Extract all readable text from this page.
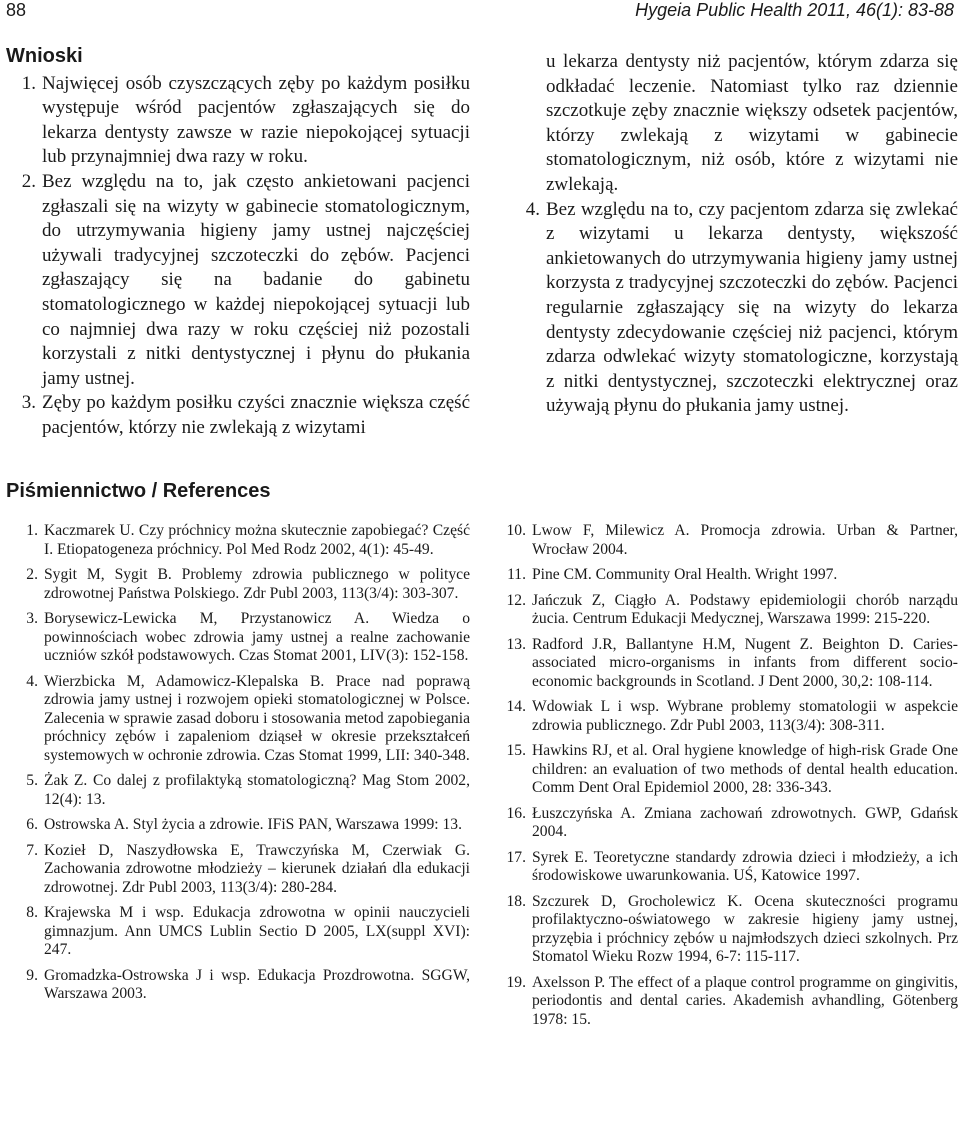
88	Hygeia Public Health 2011, 46(1): 83-88
Wnioski
1. Najwięcej osób czyszczących zęby po każdym posiłku występuje wśród pacjentów zgłaszających się do lekarza dentysty zawsze w razie niepokojącej sytuacji lub przynajmniej dwa razy w roku.
2. Bez względu na to, jak często ankietowani pacjenci zgłaszali się na wizyty w gabinecie stomatologicznym, do utrzymywania higieny jamy ustnej najczęściej używali tradycyjnej szczoteczki do zębów. Pacjenci zgłaszający się na badanie do gabinetu stomatologicznego w każdej niepokojącej sytuacji lub co najmniej dwa razy w roku częściej niż pozostali korzystali z nitki dentystycznej i płynu do płukania jamy ustnej.
3. Zęby po każdym posiłku czyści znacznie większa część pacjentów, którzy nie zwlekają z wizytami
u lekarza dentysty niż pacjentów, którym zdarza się odkładać leczenie. Natomiast tylko raz dziennie szczotkuje zęby znacznie większy odsetek pacjentów, którzy zwlekają z wizytami w gabinecie stomatologicznym, niż osób, które z wizytami nie zwlekają.
4. Bez względu na to, czy pacjentom zdarza się zwlekać z wizytami u lekarza dentysty, większość ankietowanych do utrzymywania higieny jamy ustnej korzysta z tradycyjnej szczoteczki do zębów. Pacjenci regularnie zgłaszający się na wizyty do lekarza dentysty zdecydowanie częściej niż pacjenci, którym zdarza odwlekać wizyty stomatologiczne, korzystają z nitki dentystycznej, szczoteczki elektrycznej oraz używają płynu do płukania jamy ustnej.
Piśmiennictwo / References
1. Kaczmarek U. Czy próchnicy można skutecznie zapobiegać? Część I. Etiopatogeneza próchnicy. Pol Med Rodz 2002, 4(1): 45-49.
2. Sygit M, Sygit B. Problemy zdrowia publicznego w polityce zdrowotnej Państwa Polskiego. Zdr Publ 2003, 113(3/4): 303-307.
3. Borysewicz-Lewicka M, Przystanowicz A. Wiedza o powinnościach wobec zdrowia jamy ustnej a realne zachowanie uczniów szkół podstawowych. Czas Stomat 2001, LIV(3): 152-158.
4. Wierzbicka M, Adamowicz-Klepalska B. Prace nad poprawą zdrowia jamy ustnej i rozwojem opieki stomatologicznej w Polsce. Zalecenia w sprawie zasad doboru i stosowania metod zapobiegania próchnicy zębów i zapaleniom dziąseł w okresie przekształceń systemowych w ochronie zdrowia. Czas Stomat 1999, LII: 340-348.
5. Żak Z. Co dalej z profilaktyką stomatologiczną? Mag Stom 2002, 12(4): 13.
6. Ostrowska A. Styl życia a zdrowie. IFiS PAN, Warszawa 1999: 13.
7. Kozieł D, Naszydłowska E, Trawczyńska M, Czerwiak G. Zachowania zdrowotne młodzieży – kierunek działań dla edukacji zdrowotnej. Zdr Publ 2003, 113(3/4): 280-284.
8. Krajewska M i wsp. Edukacja zdrowotna w opinii nauczycieli gimnazjum. Ann UMCS Lublin Sectio D 2005, LX(suppl XVI): 247.
9. Gromadzka-Ostrowska J i wsp. Edukacja Prozdrowotna. SGGW, Warszawa 2003.
10. Lwow F, Milewicz A. Promocja zdrowia. Urban & Partner, Wrocław 2004.
11. Pine CM. Community Oral Health. Wright 1997.
12. Jańczuk Z, Ciągło A. Podstawy epidemiologii chorób narządu żucia. Centrum Edukacji Medycznej, Warszawa 1999: 215-220.
13. Radford J.R, Ballantyne H.M, Nugent Z. Beighton D. Caries-associated micro-organisms in infants from different socio-economic backgrounds in Scotland. J Dent 2000, 30,2: 108-114.
14. Wdowiak L i wsp. Wybrane problemy stomatologii w aspekcie zdrowia publicznego. Zdr Publ 2003, 113(3/4): 308-311.
15. Hawkins RJ, et al. Oral hygiene knowledge of high-risk Grade One children: an evaluation of two methods of dental health education. Comm Dent Oral Epidemiol 2000, 28: 336-343.
16. Łuszczyńska A. Zmiana zachowań zdrowotnych. GWP, Gdańsk 2004.
17. Syrek E. Teoretyczne standardy zdrowia dzieci i młodzieży, a ich środowiskowe uwarunkowania. UŚ, Katowice 1997.
18. Szczurek D, Grocholewicz K. Ocena skuteczności programu profilaktyczno-oświatowego w zakresie higieny jamy ustnej, przyzębia i próchnicy zębów u najmłodszych dzieci szkolnych. Prz Stomatol Wieku Rozw 1994, 6-7: 115-117.
19. Axelsson P. The effect of a plaque control programme on gingivitis, periodontis and dental caries. Akademish avhandling, Götenberg 1978: 15.
